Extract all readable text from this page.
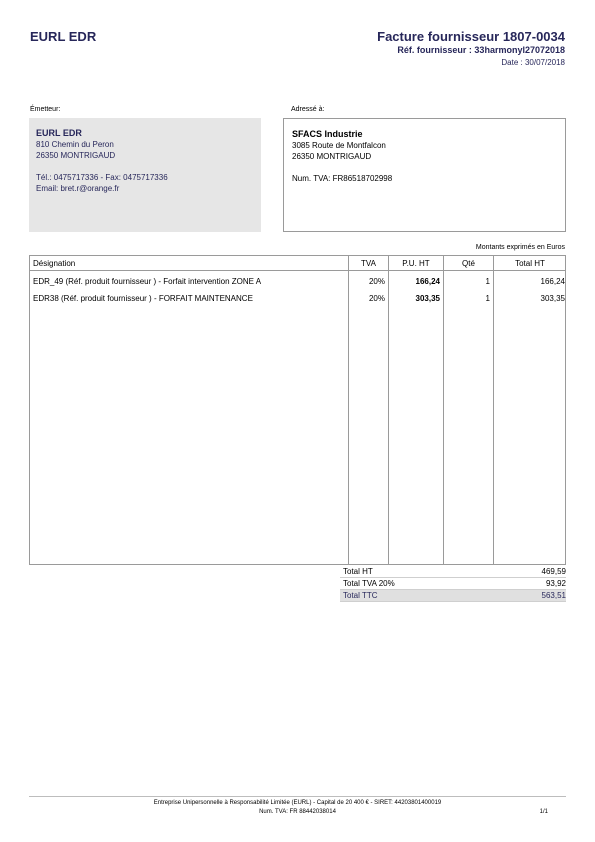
EURL EDR	Facture fournisseur 1807-0034
Réf. fournisseur : 33harmonyl27072018
Date : 30/07/2018
Émetteur:	Adressé à:
EURL EDR
810 Chemin du Peron
26350 MONTRIGAUD
Tél.: 0475717336 - Fax: 0475717336
Email: bret.r@orange.fr
SFACS Industrie
3085 Route de Montfalcon
26350 MONTRIGAUD
Num. TVA: FR86518702998
Montants exprimés en Euros
Désignation	TVA	P.U. HT	Qté	Total HT
EDR_49 (Réf. produit fournisseur ) - Forfait intervention ZONE A	20%	166,24	1	166,24
EDR38 (Réf. produit fournisseur ) - FORFAIT MAINTENANCE	20%	303,35	1	303,35
Total HT	469,59
Total TVA 20%	93,92
Total TTC	563,51
Entreprise Unipersonnelle à Responsabilité Limitée (EURL) - Capital de 20 400 € - SIRET: 44203801400019
Num. TVA: FR 88442038014	1/1
